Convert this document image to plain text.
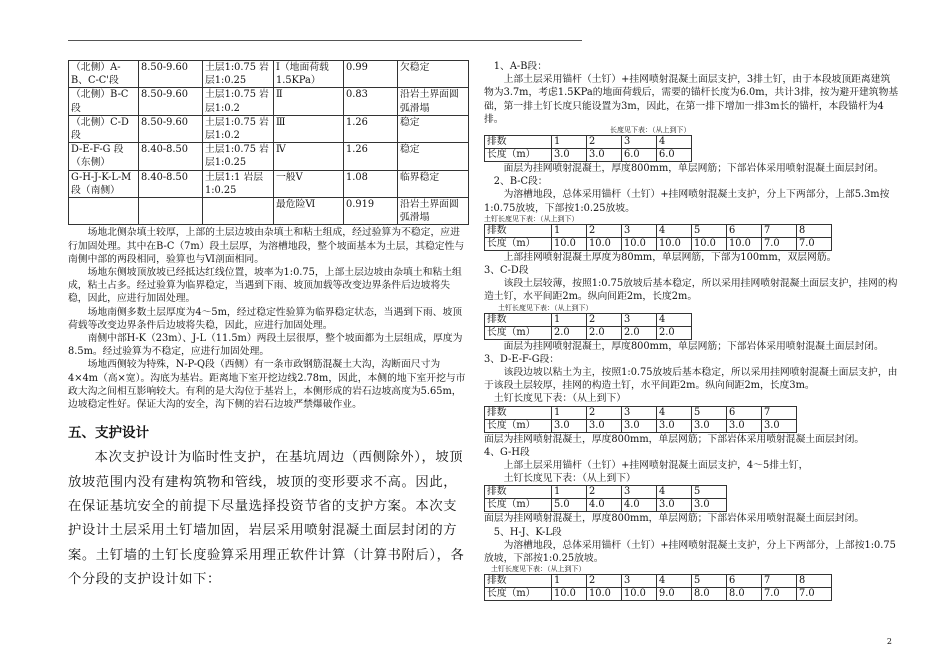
（北侧）A-B、C-C'段	8.50-9.60	土层1:0.75 岩层1:0.25	Ⅰ（地面荷载1.5KPa）	0.99	欠稳定
（北侧）B-C段	8.50-9.60	土层1:0.75 岩层1:0.2	Ⅱ	0.83	沿岩土界面圆弧滑塌
（北侧）C-D段	8.50-9.60	土层1:0.75 岩层1:0.2	Ⅲ	1.26	稳定
D-E-F-G 段（东侧）	8.40-8.50	土层1:0.75 岩层1:0.25	Ⅳ	1.26	稳定
G-H-J-K-L-M段（南侧）	8.40-8.50	土层1:1 岩层1:0.25	一般Ⅴ	1.08	临界稳定
			最危险Ⅵ	0.919	沿岩土界面圆弧滑塌

场地北侧杂填土较厚，上部的土层边坡由杂填土和粘土组成，经过验算为不稳定，应进行加固处理。其中在B-C（7m）段土层厚，为溶槽地段，整个坡面基本为土层，其稳定性与南侧中部的两段相同，验算也与Ⅵ剖面相同。

场地东侧坡顶放坡已经抵达红线位置，坡率为1:0.75，上部土层边坡由杂填土和粘土组成，粘土占多。经过验算为临界稳定，当遇到下雨、坡顶加载等改变边界条件后边坡将失稳，因此，应进行加固处理。

场地南侧多数土层厚度为4～5m，经过稳定性验算为临界稳定状态，当遇到下雨、坡顶荷载等改变边界条件后边坡将失稳，因此，应进行加固处理。

南侧中部H-K（23m）、J-L（11.5m）两段土层很厚，整个坡面都为土层组成，厚度为8.5m。经过验算为不稳定，应进行加固处理。

场地西侧较为特殊，N-P-Q段（西侧）有一条市政钢筋混凝土大沟，沟断面尺寸为4×4m（高×宽）。沟底为基岩。距离地下室开挖边线2.78m，因此，本侧的地下室开挖与市政大沟之间相互影响较大。有利的是大沟位于基岩上，本侧形成的岩石边坡高度为5.65m，边坡稳定性好。保证大沟的安全，沟下侧的岩石边坡严禁爆破作业。

五、支护设计

本次支护设计为临时性支护，在基坑周边（西侧除外），坡顶放坡范围内没有建构筑物和管线，坡顶的变形要求不高。因此，在保证基坑安全的前提下尽量选择投资节省的支护方案。本次支护设计土层采用土钉墙加固，岩层采用喷射混凝土面层封闭的方案。土钉墙的土钉长度验算采用理正软件计算（计算书附后），各个分段的支护设计如下：

1、A-B段：

上部土层采用锚杆（土钉）+挂网喷射混凝土面层支护，3排土钉，由于本段坡顶距离建筑物为3.7m，考虑1.5KPa的地面荷载后，需要的锚杆长度为6.0m，共计3排，按为避开建筑物基础，第一排土钉长度只能设置为3m，因此，在第一排下增加一排3m长的锚杆，本段锚杆为4排。

长度见下表：（从上到下）

排数	1	2	3	4
长度（m）	3.0	3.0	6.0	6.0

面层为挂网喷射混凝土，厚度800mm，单层网筋；下部岩体采用喷射混凝土面层封闭。

2、B-C段：

为溶槽地段，总体采用锚杆（土钉）+挂网喷射混凝土支护，分上下两部分，上部5.3m按1:0.75放坡，下部按1:0.25放坡。

土钉长度见下表：（从上到下）

排数	1	2	3	4	5	6	7	8
长度（m）	10.0	10.0	10.0	10.0	10.0	10.0	7.0	7.0

上部挂网喷射混凝土厚度为80mm，单层网筋，下部为100mm，双层网筋。

3、C-D段

该段土层较薄，按照1:0.75放坡后基本稳定，所以采用挂网喷射混凝土面层支护，挂网的构造土钉，水平间距2m。纵向间距2m，长度2m。

土钉长度见下表：（从上到下）

排数	1	2	3	4
长度（m）	2.0	2.0	2.0	2.0

面层为挂网喷射混凝土，厚度800mm，单层网筋；下部岩体采用喷射混凝土面层封闭。

3、D-E-F-G段：

该段边坡以粘土为主，按照1:0.75放坡后基本稳定，所以采用挂网喷射混凝土面层支护，由于该段土层较厚，挂网的构造土钉，水平间距2m。纵向间距2m，长度3m。

土钉长度见下表：（从上到下）

排数	1	2	3	4	5	6	7
长度（m）	3.0	3.0	3.0	3.0	3.0	3.0	3.0

面层为挂网喷射混凝土，厚度800mm，单层网筋；下部岩体采用喷射混凝土面层封闭。

4、G-H段

上部土层采用锚杆（土钉）+挂网喷射混凝土面层支护，4～5排土钉，

土钉长度见下表：（从上到下）

排数	1	2	3	4	5
长度（m）	5.0	4.0	4.0	3.0	3.0

面层为挂网喷射混凝土，厚度800mm，单层网筋；下部岩体采用喷射混凝土面层封闭。

5、H-J、K-L段

为溶槽地段，总体采用锚杆（土钉）+挂网喷射混凝土支护，分上下两部分，上部按1:0.75放坡，下部按1:0.25放坡。

土钉长度见下表：（从上到下）

排数	1	2	3	4	5	6	7	8
长度（m）	10.0	10.0	10.0	9.0	8.0	8.0	7.0	7.0
2
